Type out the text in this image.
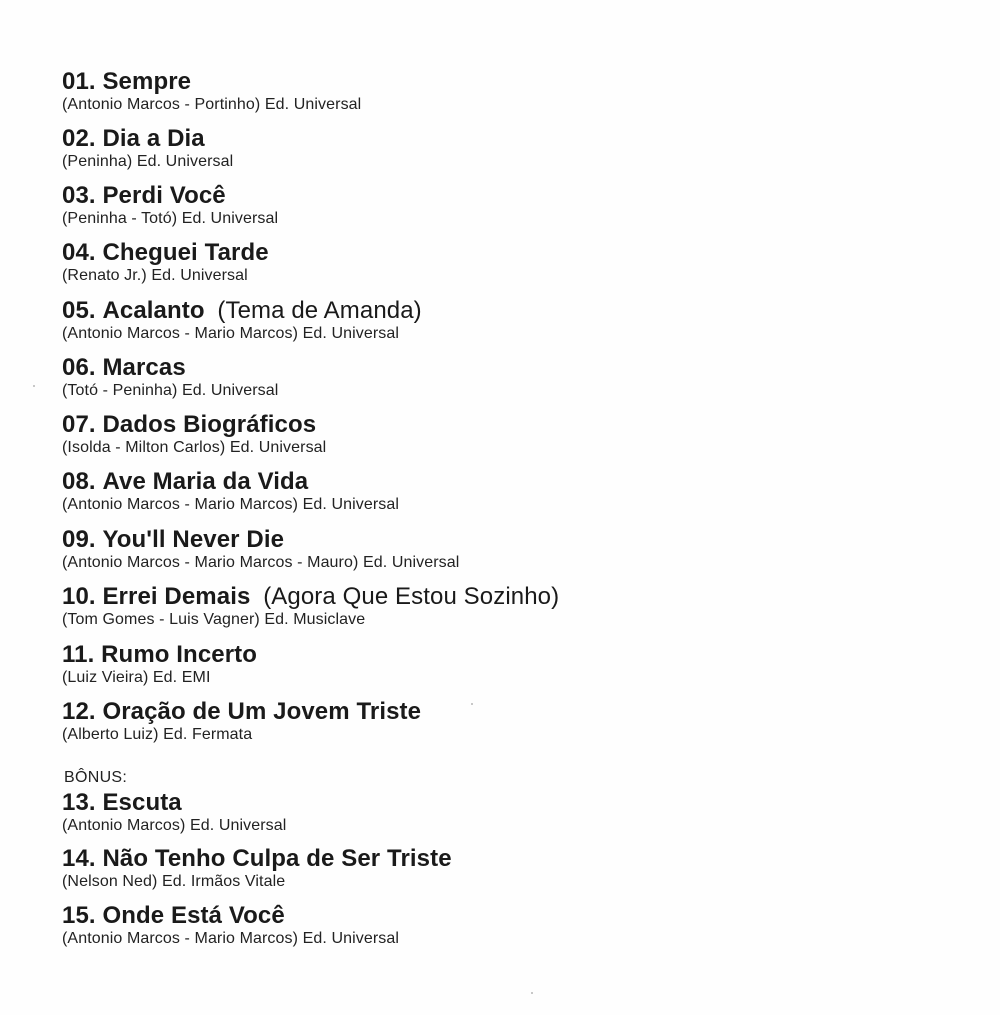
01. Sempre
(Antonio Marcos - Portinho) Ed. Universal
02. Dia a Dia
(Peninha) Ed. Universal
03. Perdi Você
(Peninha - Totó) Ed. Universal
04. Cheguei Tarde
(Renato Jr.) Ed. Universal
05. Acalanto (Tema de Amanda)
(Antonio Marcos - Mario Marcos) Ed. Universal
06. Marcas
(Totó - Peninha) Ed. Universal
07. Dados Biográficos
(Isolda - Milton Carlos) Ed. Universal
08. Ave Maria da Vida
(Antonio Marcos - Mario Marcos) Ed. Universal
09. You'll Never Die
(Antonio Marcos - Mario Marcos - Mauro) Ed. Universal
10. Errei Demais (Agora Que Estou Sozinho)
(Tom Gomes - Luis Vagner) Ed. Musiclave
11. Rumo Incerto
(Luiz Vieira) Ed. EMI
12. Oração de Um Jovem Triste
(Alberto Luiz) Ed. Fermata
BÔNUS:
13. Escuta
(Antonio Marcos) Ed. Universal
14. Não Tenho Culpa de Ser Triste
(Nelson Ned) Ed. Irmãos Vitale
15. Onde Está Você
(Antonio Marcos - Mario Marcos) Ed. Universal
